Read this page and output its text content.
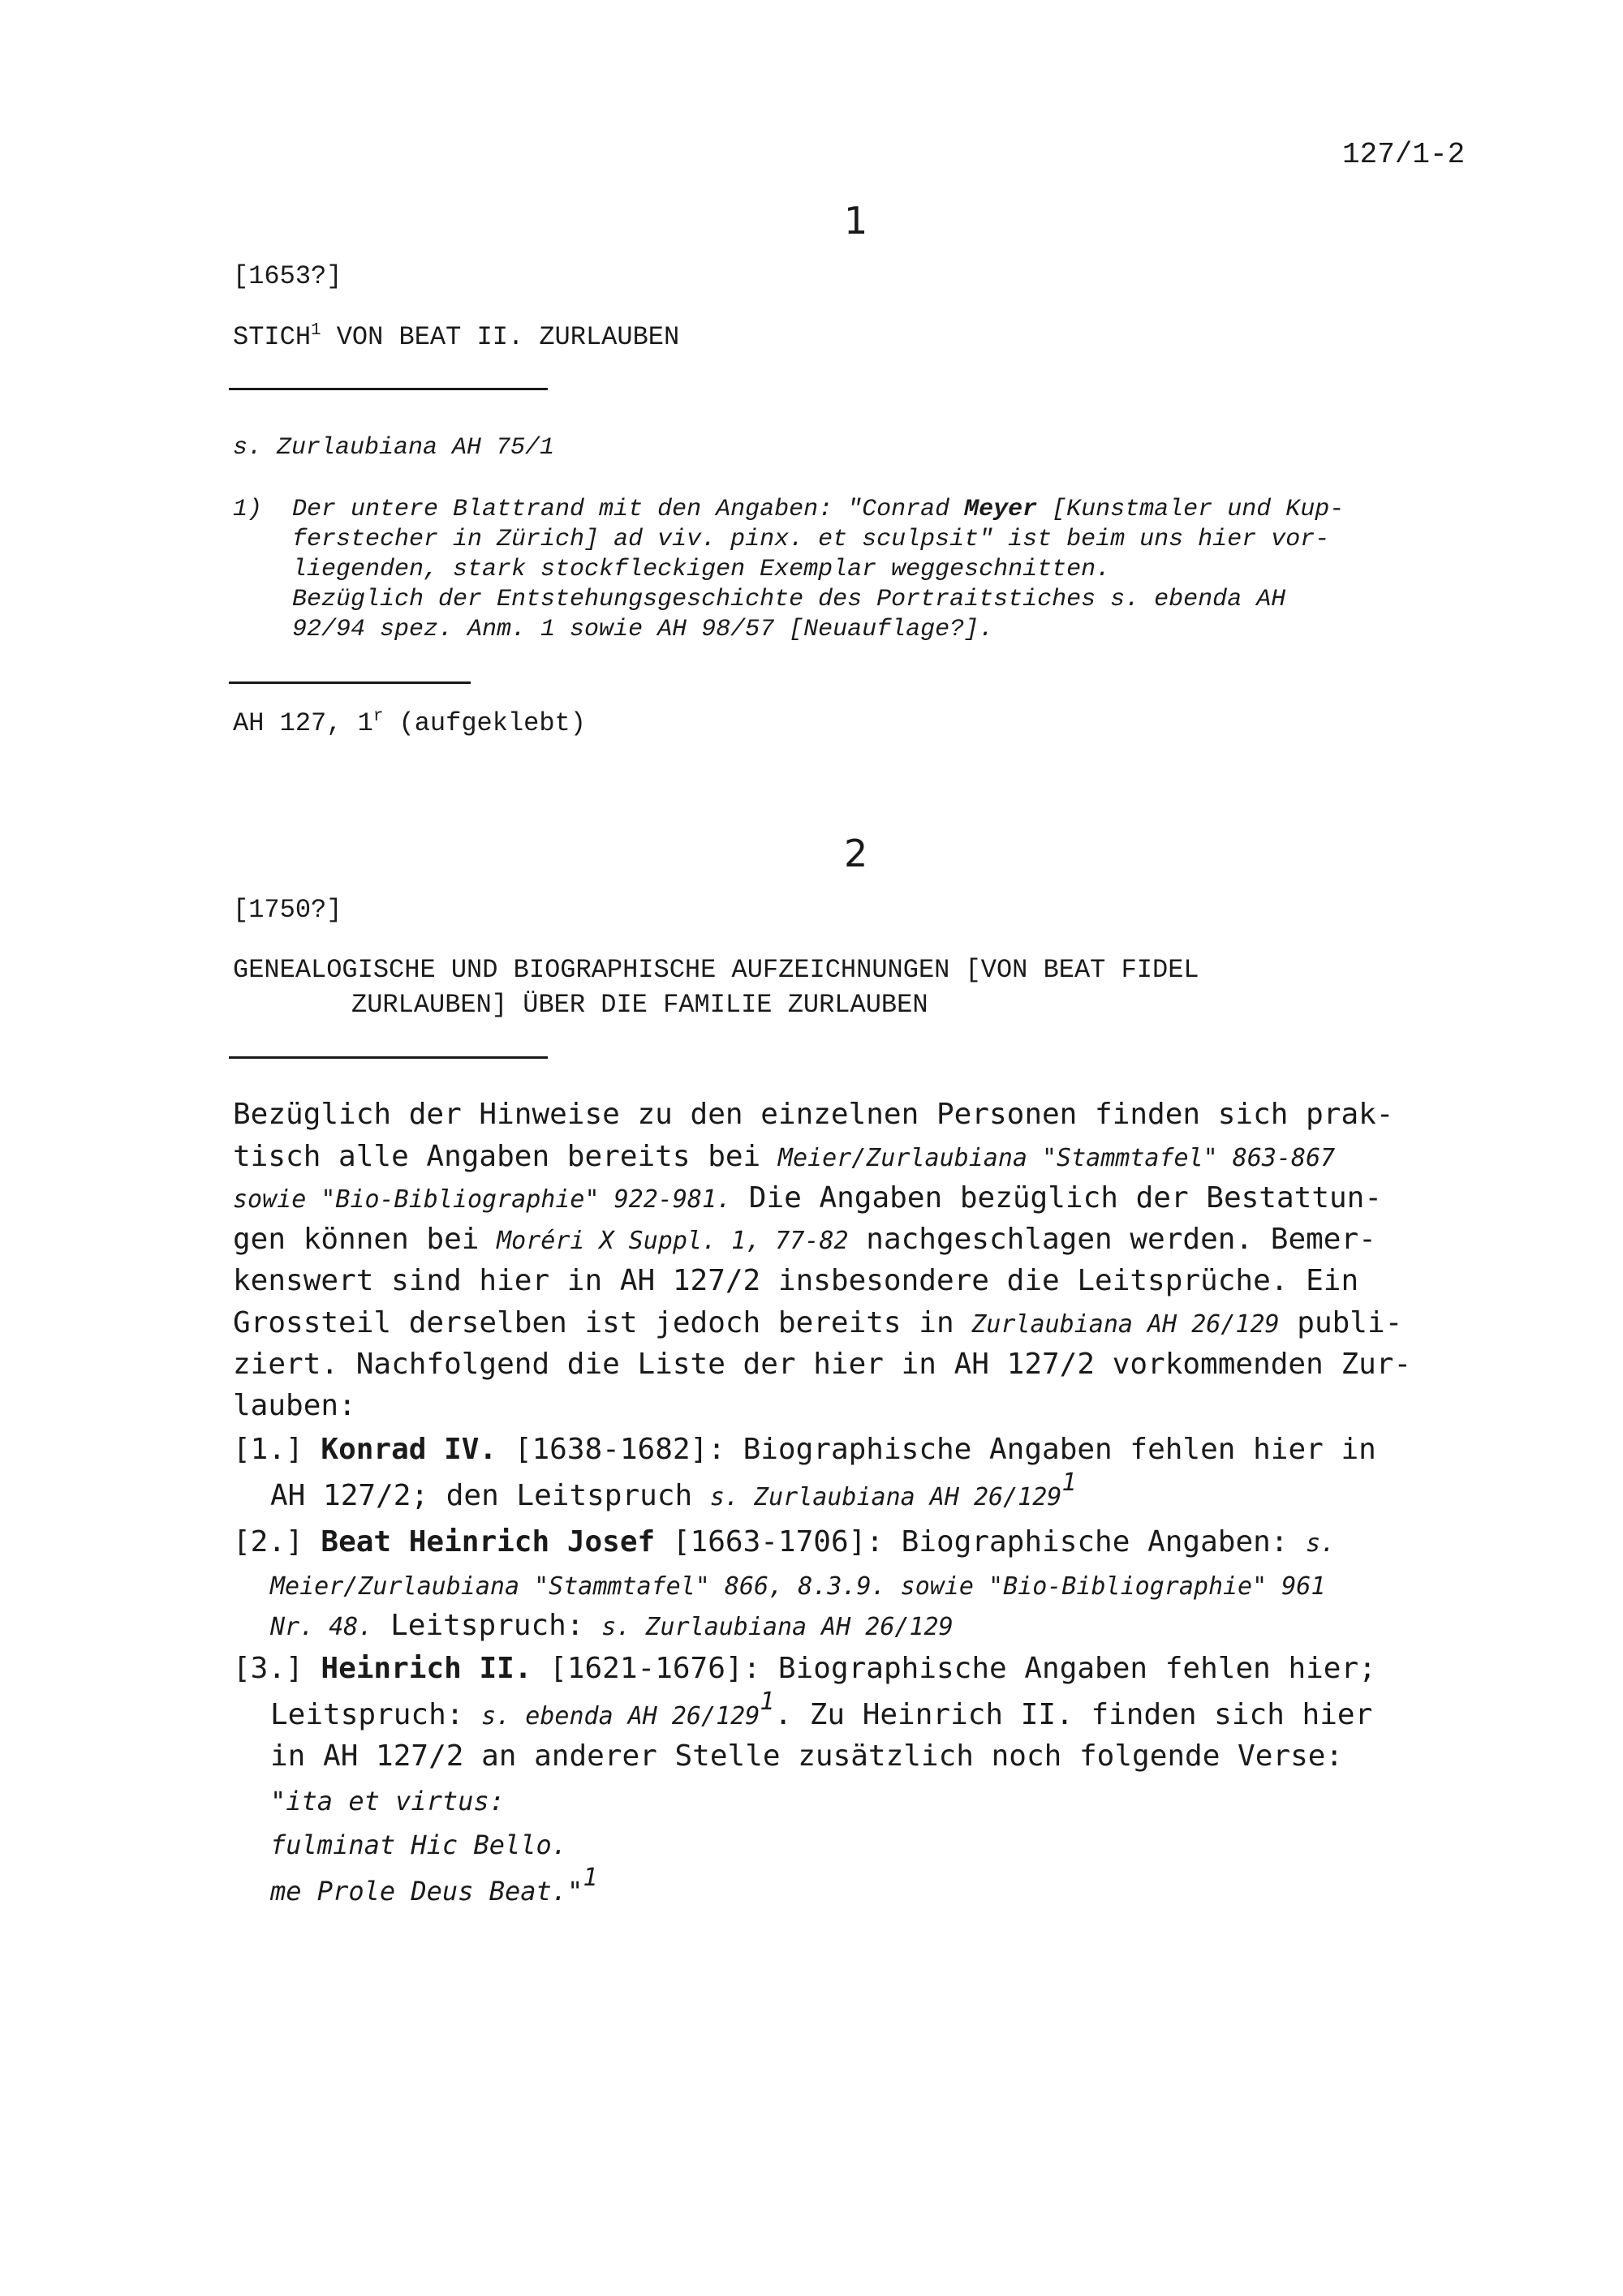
127/1-2
1
[1653?]
STICH$^1$ VON BEAT II. ZURLAUBEN
s. Zurlaubiana AH 75/1
1) Der untere Blattrand mit den Angaben: "Conrad Meyer [Kunstmaler und Kup-
ferstecher in Zürich] ad viv. pinx. et sculpsit" ist beim uns hier vor-
liegenden, stark stockfleckigen Exemplar weggeschnitten.
Bezüglich der Entstehungsgeschichte des Portraitstiches s. ebenda AH
92/94 spez. Anm. 1 sowie AH 98/57 [Neuauflage?].
AH 127, 1$^r$ (aufgeklebt)
2
[1750?]
GENEALOGISCHE UND BIOGRAPHISCHE AUFZEICHNUNGEN [VON BEAT FIDEL
ZURLAUBEN] ÜBER DIE FAMILIE ZURLAUBEN
Bezüglich der Hinweise zu den einzelnen Personen finden sich prak-
tisch alle Angaben bereits bei Meier/Zurlaubiana "Stammtafel" 863-867
sowie "Bio-Bibliographie" 922-981. Die Angaben bezüglich der Bestattun-
gen können bei Moréri X Suppl. 1, 77-82 nachgeschlagen werden. Bemer-
kenswert sind hier in AH 127/2 insbesondere die Leitsprüche. Ein
Grossteil derselben ist jedoch bereits in Zurlaubiana AH 26/129 publi-
ziert. Nachfolgend die Liste der hier in AH 127/2 vorkommenden Zur-
lauben:
[1.] Konrad IV. [1638-1682]: Biographische Angaben fehlen hier in
AH 127/2; den Leitspruch s. Zurlaubiana AH 26/129$^1$
[2.] Beat Heinrich Josef [1663-1706]: Biographische Angaben: s.
Meier/Zurlaubiana "Stammtafel" 866, 8.3.9. sowie "Bio-Bibliographie" 961
Nr. 48. Leitspruch: s. Zurlaubiana AH 26/129
[3.] Heinrich II. [1621-1676]: Biographische Angaben fehlen hier;
Leitspruch: s. ebenda AH 26/129$^1$. Zu Heinrich II. finden sich hier
in AH 127/2 an anderer Stelle zusätzlich noch folgende Verse:
"ita et virtus:
fulminat Hic Bello.
me Prole Deus Beat."$^1$
